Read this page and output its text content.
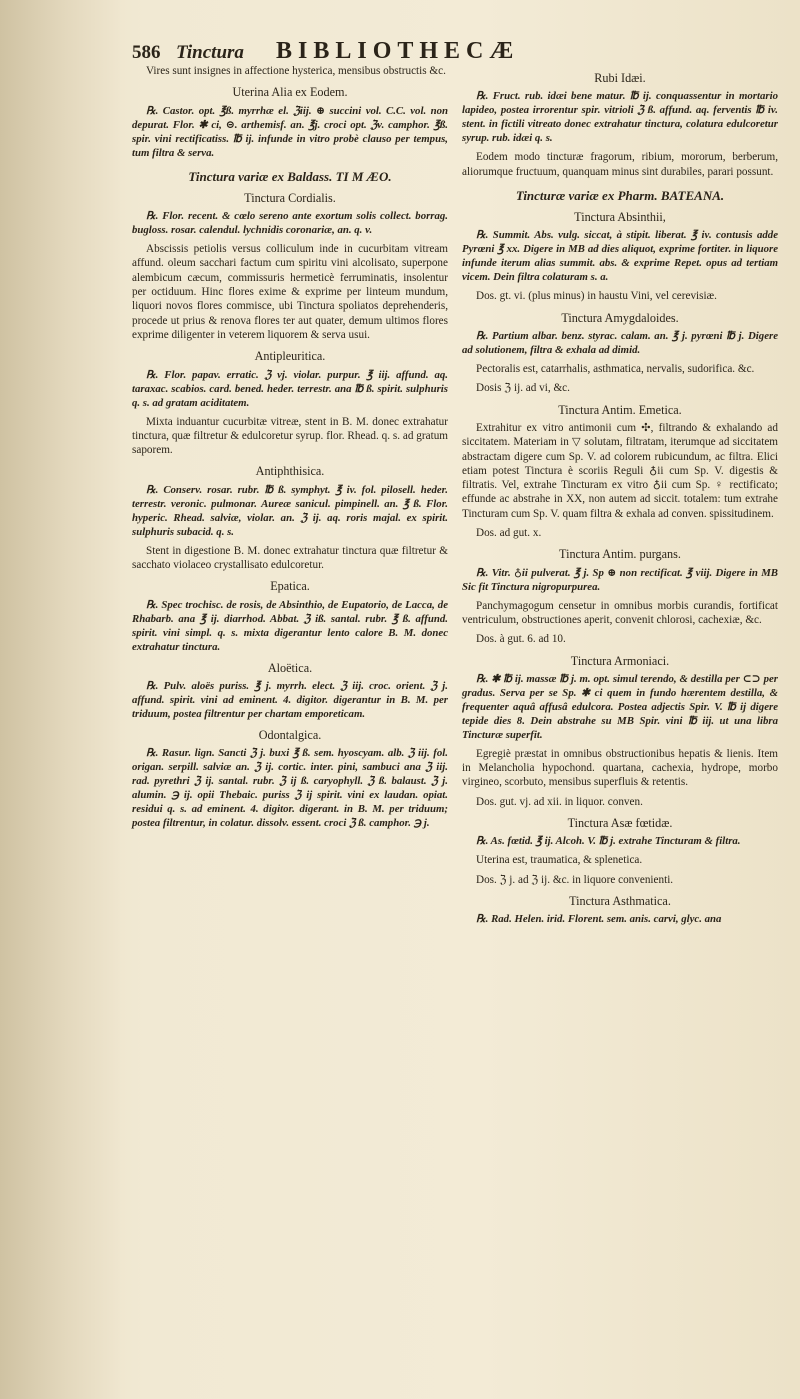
586 Tinctura	BIBLIOTHECÆ

Vires sunt insignes in affectione hysterica, mensibus obstructis &c.

Uterina Alia ex Eodem.

℞. Castor. opt. ℥ß. myrrhæ el. ℨiij. ⊕ succini vol. C.C. vol. non depurat. Flor. ✱ ci, ⊝. arthemisf. an. ℥j. croci opt. ℨv. camphor. ℥ß. spir. vini rectificatiss. ℔ ij. infunde in vitro probè clauso per tempus, tum filtra & serva.

Tinctura variæ ex Baldass. TI M ÆO.

Tinctura Cordialis.

℞. Flor. recent. & cœlo sereno ante exortum solis collect. borrag. bugloss. rosar. calendul. lychnidis coronariæ, an. q. v.

Abscissis petiolis versus colliculum inde in cucurbitam vitream affund. oleum sacchari factum cum spiritu vini alcolisato, superpone alembicum cæcum, commissuris hermeticè ferruminatis, insolentur per octiduum. Hinc flores exime & exprime per linteum mundum, liquori novos flores commisce, ubi Tinctura spoliatos deprehenderis, procede ut prius & renova flores ter aut quater, demum ultimos flores exprime diligenter in veterem liquorem & serva usui.

Antipleuritica.

℞. Flor. papav. erratic. ℨ vj. violar. purpur. ℥ iij. affund. aq. taraxac. scabios. card. bened. heder. terrestr. ana ℔ ß. spirit. sulphuris q. s. ad gratam aciditatem.

Mixta induantur cucurbitæ vitreæ, stent in B. M. donec extrahatur tinctura, quæ filtretur & edulcoretur syrup. flor. Rhead. q. s. ad gratum saporem.

Antiphthisica.

℞. Conserv. rosar. rubr. ℔ ß. symphyt. ℥ iv. fol. pilosell. heder. terrestr. veronic. pulmonar. Aureæ sanicul. pimpinell. an. ℥ ß. Flor. hyperic. Rhead. salviæ, violar. an. ℨ ij. aq. roris majal. ex spirit. sulphuris subacid. q. s.

Stent in digestione B. M. donec extrahatur tinctura quæ filtretur & sacchato violaceo crystallisato edulcoretur.

Epatica.

℞. Spec trochisc. de rosis, de Absinthio, de Eupatorio, de Lacca, de Rhabarb. ana ℥ ij. diarrhod. Abbat. ℨ iß. santal. rubr. ℥ ß. affund. spirit. vini simpl. q. s. mixta digerantur lento calore B. M. donec extrahatur tinctura.

Aloëtica.

℞. Pulv. aloës puriss. ℥ j. myrrh. elect. ℨ iij. croc. orient. ℨ j. affund. spirit. vini ad eminent. 4. digitor. digerantur in B. M. per triduum, postea filtrentur per chartam emporeticam.

Odontalgica.

℞. Rasur. lign. Sancti ℨ j. buxi ℥ ß. sem. hyoscyam. alb. ℨ iij. fol. origan. serpill. salviæ an. ℨ ij. cortic. inter. pini, sambuci ana ℨ iij. rad. pyrethri ℨ ij. santal. rubr. ℨ ij ß. caryophyll. ℨ ß. balaust. ℨ j. alumin. ℈ ij. opii Thebaic. puriss ℨ ij spirit. vini ex laudan. opiat. residui q. s. ad eminent. 4. digitor. digerant. in B. M. per triduum; postea filtrentur, in colatur. dissolv. essent. croci ℨ ß. camphor. ℈ j.

Rubi Idæi.

℞. Fruct. rub. idæi bene matur. ℔ ij. conquassentur in mortario lapideo, postea irrorentur spir. vitrioli ℨ ß. affund. aq. ferventis ℔ iv. stent. in fictili vitreato donec extrahatur tinctura, colatura edulcoretur syrup. rub. idæi q. s.

Eodem modo tincturæ fragorum, ribium, mororum, berberum, aliorumque fructuum, quanquam minus sint durabiles, parari possunt.

Tincturæ variæ ex Pharm. BATEANA.

Tinctura Absinthii,

℞. Summit. Abs. vulg. siccat, à stipit. liberat. ℥ iv. contusis adde Pyrœni ℥ xx. Digere in MB ad dies aliquot, exprime fortiter. in liquore infunde iterum alias summit. abs. & exprime Repet. opus ad tertiam vicem. Dein filtra colaturam s. a.

Dos. gt. vi. (plus minus) in haustu Vini, vel cerevisiæ.

Tinctura Amygdaloides.

℞. Partium albar. benz. styrac. calam. an. ℥ j. pyrœni ℔ j. Digere ad solutionem, filtra & exhala ad dimid.

Pectoralis est, catarrhalis, asthmatica, nervalis, sudorifica. &c.

Dosis ℨ ij. ad vi, &c.

Tinctura Antim. Emetica.

Extrahitur ex vitro antimonii cum ✣, filtrando & exhalando ad siccitatem. Materiam in ▽ solutam, filtratam, iterumque ad siccitatem abstractam digere cum Sp. V. ad colorem rubicundum, ac filtra. Elici etiam potest Tinctura è scoriis Reguli ♁ii cum Sp. V. digestis & filtratis. Vel, extrahe Tincturam ex vitro ♁ii cum Sp. ♀ rectificato; effunde ac abstrahe in XX, non autem ad siccit. totalem: tum extrahe Tincturam cum Sp. V. quam filtra & exhala ad conven. spissitudinem.

Dos. ad gut. x.

Tinctura Antim. purgans.

℞. Vitr. ♁ii pulverat. ℥ j. Sp ⊕ non rectificat. ℥ viij. Digere in MB Sic fit Tinctura nigropurpurea.

Panchymagogum censetur in omnibus morbis curandis, fortificat ventriculum, obstructiones aperit, convenit chlorosi, cachexiæ, &c.

Dos. à gut. 6. ad 10.

Tinctura Armoniaci.

℞. ✱ ℔ ij. massæ ℔ j. m. opt. simul terendo, & destilla per ⊂⊃ per gradus. Serva per se Sp. ✱ ci quem in fundo hærentem destilla, & frequenter aquâ affusâ edulcora. Postea adjectis Spir. V. ℔ ij digere tepide dies 8. Dein abstrahe su MB Spir. vini ℔ iij. ut una libra Tincturæ superfit.

Egregiè præstat in omnibus obstructionibus hepatis & lienis. Item in Melancholia hypochond. quartana, cachexia, hydrope, morbo virgineo, scorbuto, mensibus superfluis & retentis.

Dos. gut. vj. ad xii. in liquor. conven.

Tinctura Asæ fœtidæ.

℞. As. fœtid. ℥ ij. Alcoh. V. ℔ j. extrahe Tincturam & filtra.

Uterina est, traumatica, & splenetica.

Dos. ℨ j. ad ℨ ij. &c. in liquore convenienti.

Tinctura Asthmatica.

℞. Rad. Helen. irid. Florent. sem. anis. carvi, glyc. ana
